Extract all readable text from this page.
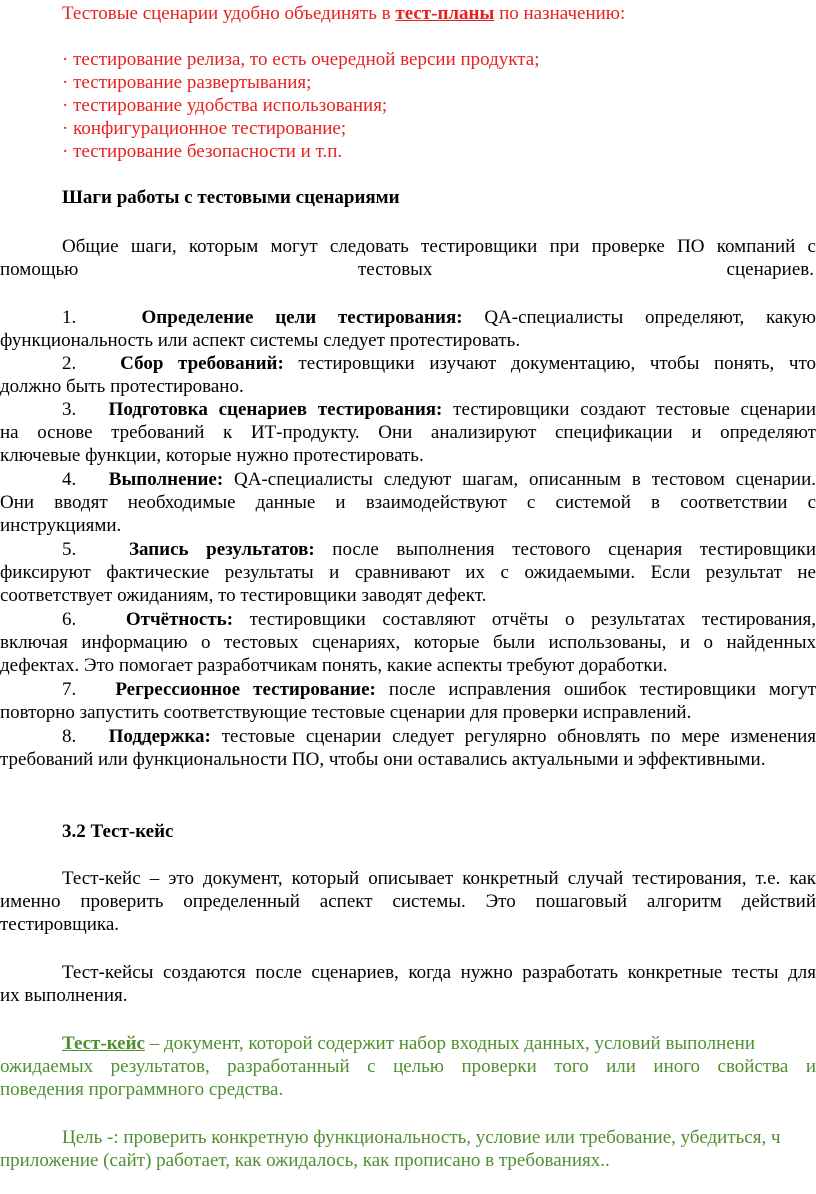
Тестовые сценарии удобно объединять в тест-планы по назначению:
· тестирование релиза, то есть очередной версии продукта;
· тестирование развертывания;
· тестирование удобства использования;
· конфигурационное тестирование;
· тестирование безопасности и т.п.
Шаги работы с тестовыми сценариями
Общие шаги, которым могут следовать тестировщики при проверке ПО компаний с
помощью	тестовых	сценариев.
1.	Определение цели тестирования: QA-специалисты определяют, какую
функциональность или аспект системы следует протестировать.
2. Сбор требований: тестировщики изучают документацию, чтобы понять, что
должно быть протестировано.
3. Подготовка сценариев тестирования: тестировщики создают тестовые сценарии
на основе требований к ИТ-продукту. Они анализируют спецификации и определяют
ключевые функции, которые нужно протестировать.
4. Выполнение: QA-специалисты следуют шагам, описанным в тестовом сценарии.
Они вводят необходимые данные и взаимодействуют с системой в соответствии с
инструкциями.
5.	Запись результатов: после выполнения тестового сценария тестировщики
фиксируют фактические результаты и сравнивают их с ожидаемыми. Если результат не
соответствует ожиданиям, то тестировщики заводят дефект.
6.	Отчётность: тестировщики составляют отчёты о результатах тестирования,
включая информацию о тестовых сценариях, которые были использованы, и о найденных
дефектах. Это помогает разработчикам понять, какие аспекты требуют доработки.
7. Регрессионное тестирование: после исправления ошибок тестировщики могут
повторно запустить соответствующие тестовые сценарии для проверки исправлений.
8. Поддержка: тестовые сценарии следует регулярно обновлять по мере изменения
требований или функциональности ПО, чтобы они оставались актуальными и эффективными.
3.2 Тест-кейс
Тест-кейс – это документ, который описывает конкретный случай тестирования, т.е. как
именно проверить определенный аспект системы. Это пошаговый алгоритм действий
тестировщика.
Тест-кейсы создаются после сценариев, когда нужно разработать конкретные тесты для
их выполнения.
Тест-кейс – документ, которой содержит набор входных данных, условий выполнени
ожидаемых результатов, разработанный с целью проверки того или иного свойства и
поведения программного средства.
Цель -: проверить конкретную функциональность, условие или требование, убедиться, ч
приложение (сайт) работает, как ожидалось, как прописано в требованиях..
